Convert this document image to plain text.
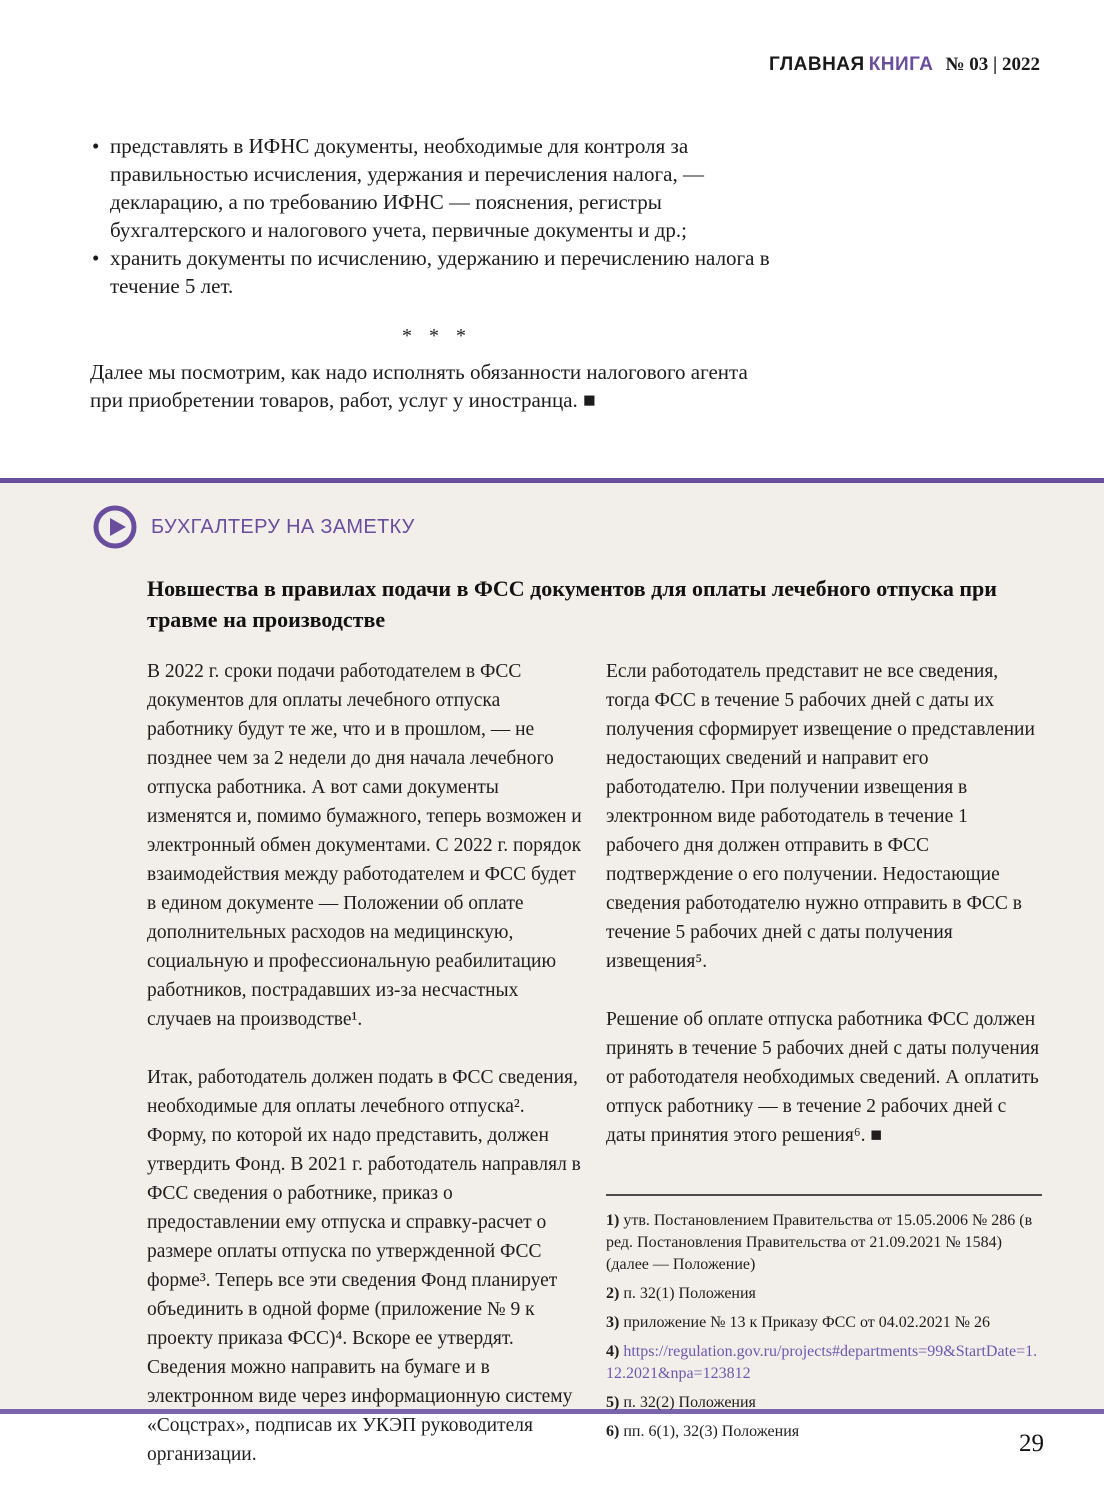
ГЛАВНАЯ КНИГА № 03 | 2022
• представлять в ИФНС документы, необходимые для контроля за правильностью исчисления, удержания и перечисления налога, — декларацию, а по требованию ИФНС — пояснения, регистры бухгалтерского и налогового учета, первичные документы и др.;
• хранить документы по исчислению, удержанию и перечислению налога в течение 5 лет.
* * *

Далее мы посмотрим, как надо исполнять обязанности налогового агента при приобретении товаров, работ, услуг у иностранца. ■

БУХГАЛТЕРУ НА ЗАМЕТКУ
Новшества в правилах подачи в ФСС документов для оплаты лечебного отпуска при травме на производстве

В 2022 г. сроки подачи работодателем в ФСС документов для оплаты лечебного отпуска работнику будут те же, что и в прошлом, — не позднее чем за 2 недели до дня начала лечебного отпуска работника. А вот сами документы изменятся и, помимо бумажного, теперь возможен и электронный обмен документами. С 2022 г. порядок взаимодействия между работодателем и ФСС будет в едином документе — Положении об оплате дополнительных расходов на медицинскую, социальную и профессиональную реабилитацию работников, пострадавших из-за несчастных случаев на производстве¹.

Итак, работодатель должен подать в ФСС сведения, необходимые для оплаты лечебного отпуска². Форму, по которой их надо представить, должен утвердить Фонд. В 2021 г. работодатель направлял в ФСС сведения о работнике, приказ о предоставлении ему отпуска и справку-расчет о размере оплаты отпуска по утвержденной ФСС форме³. Теперь все эти сведения Фонд планирует объединить в одной форме (приложение № 9 к проекту приказа ФСС)⁴. Вскоре ее утвердят. Сведения можно направить на бумаге и в электронном виде через информационную систему «Соцстрах», подписав их УКЭП руководителя организации.

Если работодатель представит не все сведения, тогда ФСС в течение 5 рабочих дней с даты их получения сформирует извещение о представлении недостающих сведений и направит его работодателю. При получении извещения в электронном виде работодатель в течение 1 рабочего дня должен отправить в ФСС подтверждение о его получении. Недостающие сведения работодателю нужно отправить в ФСС в течение 5 рабочих дней с даты получения извещения⁵.

Решение об оплате отпуска работника ФСС должен принять в течение 5 рабочих дней с даты получения от работодателя необходимых сведений. А оплатить отпуск работнику — в течение 2 рабочих дней с даты принятия этого решения⁶. ■

1) утв. Постановлением Правительства от 15.05.2006 № 286 (в ред. Постановления Правительства от 21.09.2021 № 1584) (далее — Положение)
2) п. 32(1) Положения
3) приложение № 13 к Приказу ФСС от 04.02.2021 № 26
4) https://regulation.gov.ru/projects#departments=99&StartDate=1.12.2021&npa=123812
5) п. 32(2) Положения
6) пп. 6(1), 32(3) Положения	29
